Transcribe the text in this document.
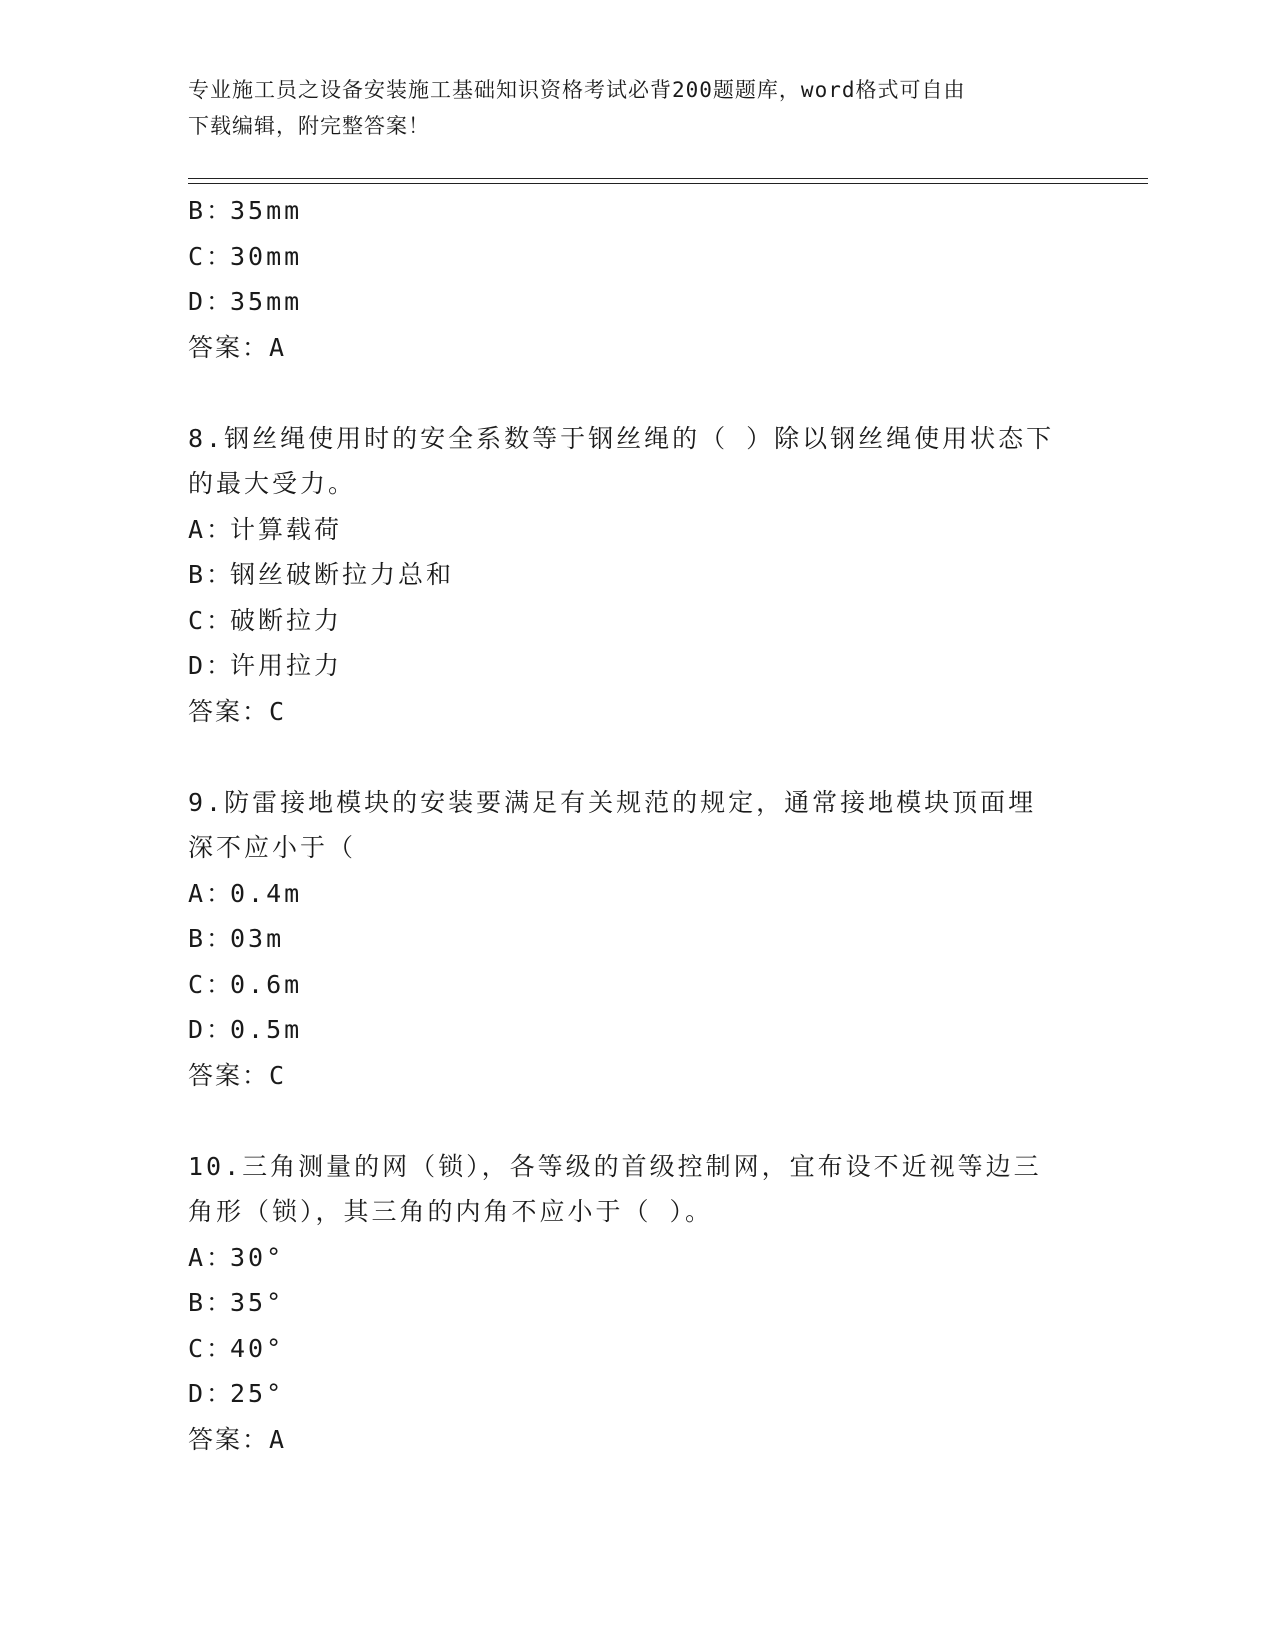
专业施工员之设备安装施工基础知识资格考试必背200题题库，word格式可自由
下载编辑，附完整答案！
B：35mm
C：30mm
D：35mm
答案：A
8.钢丝绳使用时的安全系数等于钢丝绳的（ ）除以钢丝绳使用状态下
的最大受力。
A：计算载荷
B：钢丝破断拉力总和
C：破断拉力
D：许用拉力
答案：C
9.防雷接地模块的安装要满足有关规范的规定，通常接地模块顶面埋
深不应小于（
A：0.4m
B：03m
C：0.6m
D：0.5m
答案：C
10.三角测量的网（锁），各等级的首级控制网，宜布设不近视等边三
角形（锁），其三角的内角不应小于（ ）。
A：30°
B：35°
C：40°
D：25°
答案：A
